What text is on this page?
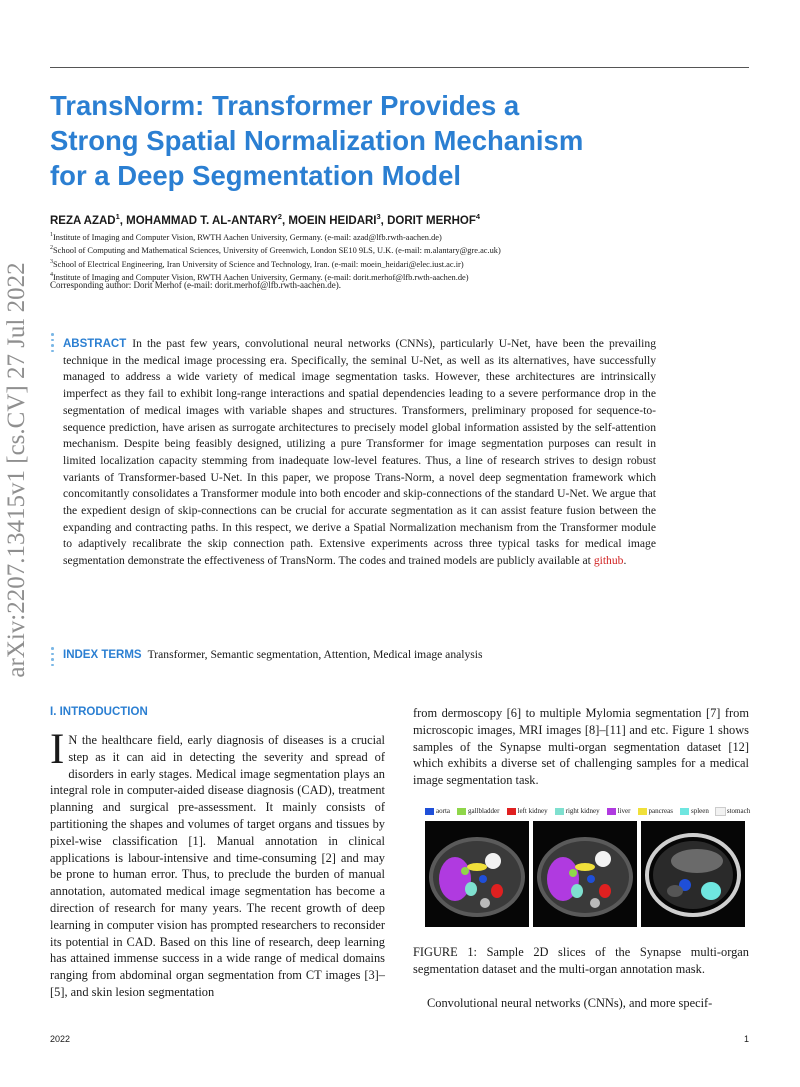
TransNorm: Transformer Provides a
Strong Spatial Normalization Mechanism
for a Deep Segmentation Model
REZA AZAD$^1$, MOHAMMAD T. AL-ANTARY$^2$, MOEIN HEIDARI$^3$, DORIT MERHOF$^4$
$^1$Institute of Imaging and Computer Vision, RWTH Aachen University, Germany. (e-mail: azad@lfb.rwth-aachen.de)
$^2$School of Computing and Mathematical Sciences, University of Greenwich, London SE10 9LS, U.K. (e-mail: m.alantary@gre.ac.uk)
$^3$School of Electrical Engineering, Iran University of Science and Technology, Iran. (e-mail: moein_heidari@elec.iust.ac.ir)
$^4$Institute of Imaging and Computer Vision, RWTH Aachen University, Germany. (e-mail: dorit.merhof@lfb.rwth-aachen.de)
Corresponding author: Dorit Merhof (e-mail: dorit.merhof@lfb.rwth-aachen.de).
arXiv:2207.13415v1 [cs.CV] 27 Jul 2022	ABSTRACT In the past few years, convolutional neural networks (CNNs), particularly U-Net, have been the prevailing technique in the medical image processing era. Specifically, the seminal U-Net, as well as its alternatives, have successfully managed to address a wide variety of medical image segmentation tasks. However, these architectures are intrinsically imperfect as they fail to exhibit long-range interactions and spatial dependencies leading to a severe performance drop in the segmentation of medical images with variable shapes and structures. Transformers, preliminary proposed for sequence-to-sequence prediction, have arisen as surrogate architectures to precisely model global information assisted by the self-attention mechanism. Despite being feasibly designed, utilizing a pure Transformer for image segmentation purposes can result in limited localization capacity stemming from inadequate low-level features. Thus, a line of research strives to design robust variants of Transformer-based U-Net. In this paper, we propose Trans-Norm, a novel deep segmentation framework which concomitantly consolidates a Transformer module into both encoder and skip-connections of the standard U-Net. We argue that the expedient design of skip-connections can be crucial for accurate segmentation as it can assist feature fusion between the expanding and contracting paths. In this respect, we derive a Spatial Normalization mechanism from the Transformer module to adaptively recalibrate the skip connection path. Extensive experiments across three typical tasks for medical image segmentation demonstrate the effectiveness of TransNorm. The codes and trained models are publicly available at github.

INDEX TERMS Transformer, Semantic segmentation, Attention, Medical image analysis
I. INTRODUCTION

I N the healthcare field, early diagnosis of diseases is a crucial step as it can aid in detecting the severity and spread of disorders in early stages. Medical image segmentation plays an integral role in computer-aided disease diagnosis (CAD), treatment planning and surgical pre-assessment. It mainly consists of partitioning the shapes and volumes of target organs and tissues by pixel-wise classification [1]. Manual annotation in clinical applications is labour-intensive and time-consuming [2] and may be prone to human error. Thus, to preclude the burden of manual annotation, automated medical image segmentation has become a direction of research for many years. The recent growth of deep learning in computer vision has prompted researchers to reconsider its potential in CAD. Based on this line of research, deep learning has attained immense success in a wide range of medical domains ranging from abdominal organ segmentation from CT images [3]–[5], and skin lesion segmentation

from dermoscopy [6] to multiple Mylomia segmentation [7] from microscopic images, MRI images [8]–[11] and etc. Figure 1 shows samples of the Synapse multi-organ segmentation dataset [12] which exhibits a diverse set of challenging samples for a medical image segmentation task.

aorta	gallbladder	left kidney	right kidney	liver	pancreas	spleen	stomach

FIGURE 1: Sample 2D slices of the Synapse multi-organ segmentation dataset and the multi-organ annotation mask.

Convolutional neural networks (CNNs), and more specif-

2022	1
